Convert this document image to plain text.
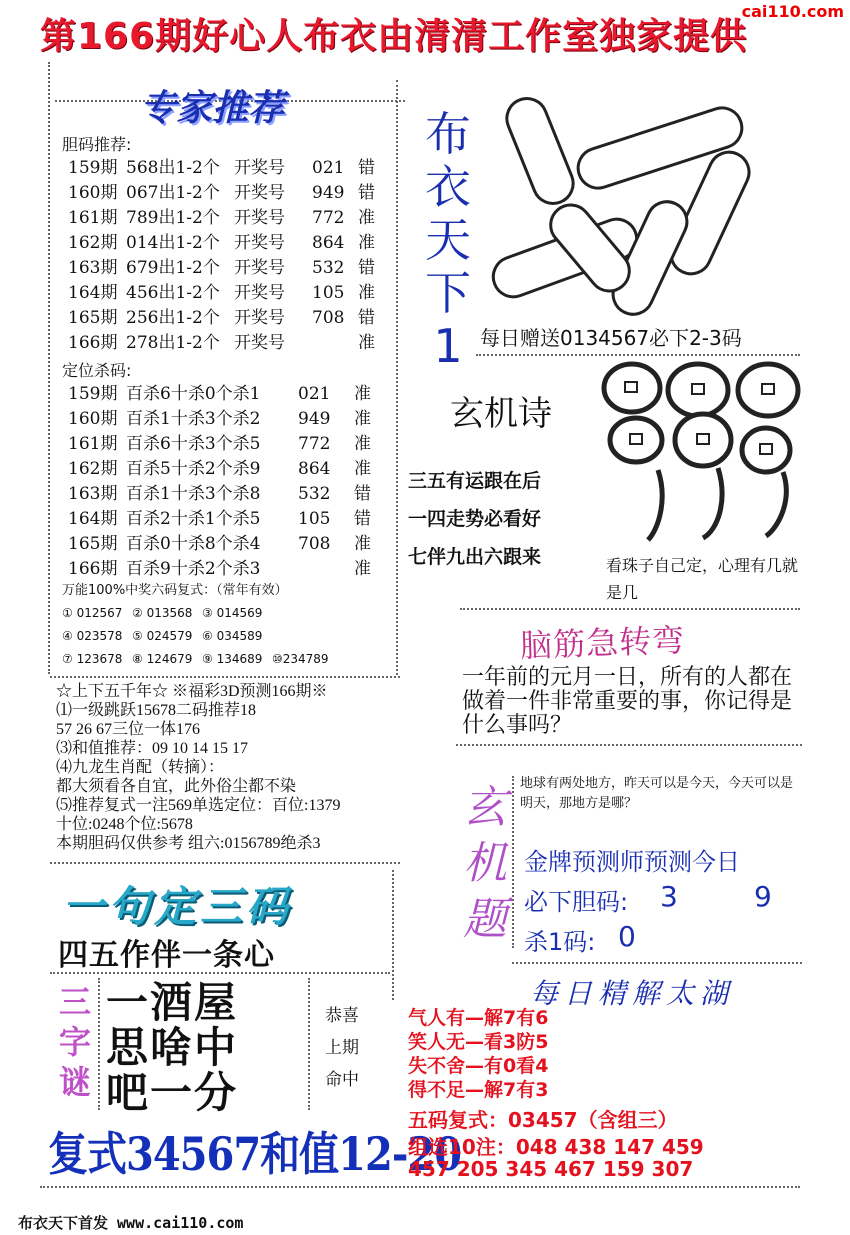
第166期好心人布衣由清清工作室独家提供
cai110.com
专家推荐
胆码推荐:
159期 568出1-2个 开奖号	021 错
160期 067出1-2个 开奖号	949 错
161期 789出1-2个 开奖号	772 准
162期 014出1-2个 开奖号	864 准
163期 679出1-2个 开奖号	532 错
164期 456出1-2个 开奖号	105 准
165期 256出1-2个 开奖号	708 错
166期 278出1-2个 开奖号	准
定位杀码:
159期 百杀6十杀0个杀1	021	准
160期 百杀1十杀3个杀2	949	准
161期 百杀6十杀3个杀5	772	准
162期 百杀5十杀2个杀9	864	准
163期 百杀1十杀3个杀8	532	错
164期 百杀2十杀1个杀5	105	错
165期 百杀0十杀8个杀4	708	准
166期 百杀9十杀2个杀3	准
万能100%中奖六码复式：（常年有效）
① 012567 ② 013568 ③ 014569
④ 023578 ⑤ 024579 ⑥ 034589
⑦ 123678 ⑧ 124679 ⑨ 134689 ⑩234789
☆上下五千年☆ ※福彩3D预测166期※
⑴一级跳跃15678二码推荐18
57 26 67三位一体176
⑶和值推荐：09 10 14 15 17
⑷九龙生肖配（转摘）：
都大须看各自宜，此外俗尘都不染
⑸推荐复式一注569单选定位：百位:1379
十位:0248个位:5678
本期胆码仅供参考 组六:0156789绝杀3
一句定三码
四五作伴一条心
三
字
谜
一酒屋
思啥中
吧一分
恭喜
上期
命中
复式34567和值12-20
布
衣
天
下
1 每日赠送0134567必下2-3码
玄机诗
三五有运跟在后
一四走势必看好
七伴九出六跟来	看珠子自己定，心理有几就是几
脑筋急转弯
一年前的元月一日，所有的人都在做着一件非常重要的事，你记得是什么事吗？
玄
机
题
地球有两处地方，昨天可以是今天，今天可以是明天，那地方是哪？
金牌预测师预测今日
必下胆码: 3	9
杀1码: 0
每日精解太湖
气人有—解7有6
笑人无—看3防5
失不舍—有0看4
得不足—解7有3
五码复式：03457（含组三）
组选10注：048 438 147 459
457 205 345 467 159 307
布衣天下首发 www.cai110.com
